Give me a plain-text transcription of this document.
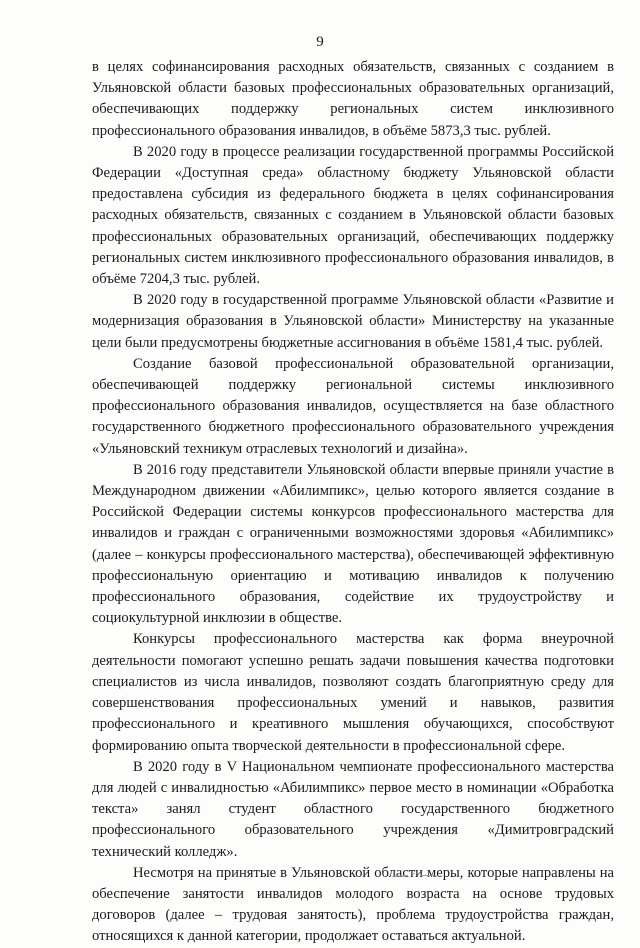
9

в целях софинансирования расходных обязательств, связанных с созданием в Ульяновской области базовых профессиональных образовательных организаций, обеспечивающих поддержку региональных систем инклюзивного профессионального образования инвалидов, в объёме 5873,3 тыс. рублей.

В 2020 году в процессе реализации государственной программы Российской Федерации «Доступная среда» областному бюджету Ульяновской области предоставлена субсидия из федерального бюджета в целях софинансирования расходных обязательств, связанных с созданием в Ульяновской области базовых профессиональных образовательных организаций, обеспечивающих поддержку региональных систем инклюзивного профессионального образования инвалидов, в объёме 7204,3 тыс. рублей.

В 2020 году в государственной программе Ульяновской области «Развитие и модернизация образования в Ульяновской области» Министерству на указанные цели были предусмотрены бюджетные ассигнования в объёме 1581,4 тыс. рублей.

Создание базовой профессиональной образовательной организации, обеспечивающей поддержку региональной системы инклюзивного профессионального образования инвалидов, осуществляется на базе областного государственного бюджетного профессионального образовательного учреждения «Ульяновский техникум отраслевых технологий и дизайна».

В 2016 году представители Ульяновской области впервые приняли участие в Международном движении «Абилимпикс», целью которого является создание в Российской Федерации системы конкурсов профессионального мастерства для инвалидов и граждан с ограниченными возможностями здоровья «Абилимпикс» (далее – конкурсы профессионального мастерства), обеспечивающей эффективную профессиональную ориентацию и мотивацию инвалидов к получению профессионального образования, содействие их трудоустройству и социокультурной инклюзии в обществе.

Конкурсы профессионального мастерства как форма внеурочной деятельности помогают успешно решать задачи повышения качества подготовки специалистов из числа инвалидов, позволяют создать благоприятную среду для совершенствования профессиональных умений и навыков, развития профессионального и креативного мышления обучающихся, способствуют формированию опыта творческой деятельности в профессиональной сфере.

В 2020 году в V Национальном чемпионате профессионального мастерства для людей с инвалидностью «Абилимпикс» первое место в номинации «Обработка текста» занял студент областного государственного бюджетного профессионального образовательного учреждения «Димитровградский технический колледж».

Несмотря на принятые в Ульяновской области меры, которые направлены на обеспечение занятости инвалидов молодого возраста на основе трудовых договоров (далее – трудовая занятость), проблема трудоустройства граждан, относящихся к данной категории, продолжает оставаться актуальной.
